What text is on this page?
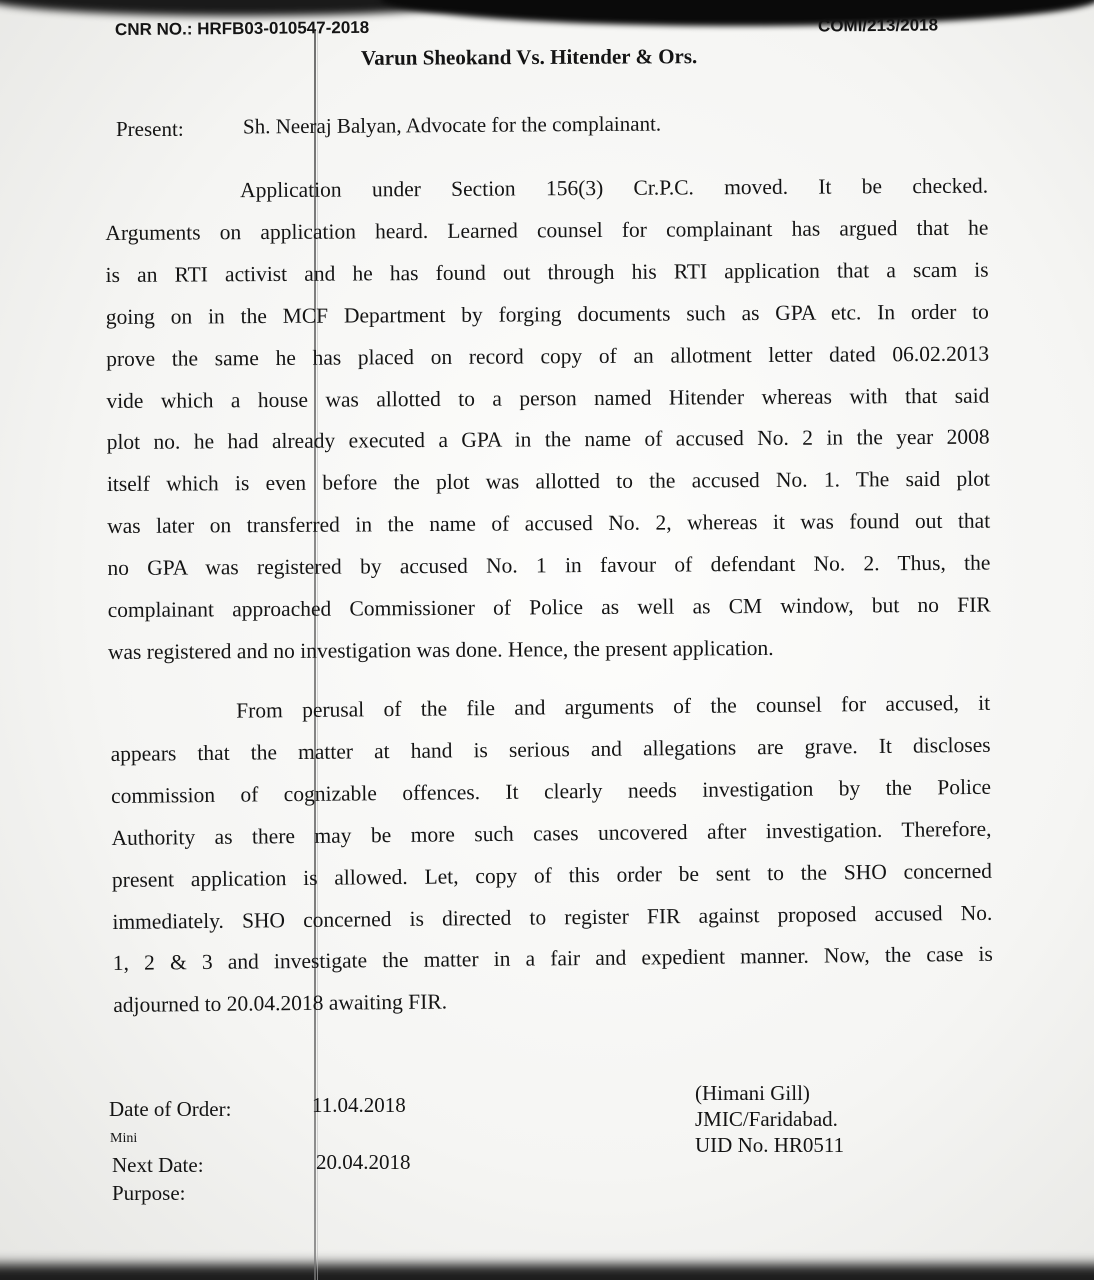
CNR NO.: HRFB03-010547-2018	COMI/213/2018
Varun Sheokand Vs. Hitender & Ors.
Present:	Sh. Neeraj Balyan, Advocate for the complainant.
Application under Section 156(3) Cr.P.C. moved. It be checked.
Arguments on application heard. Learned counsel for complainant has argued that he
is an RTI activist and he has found out through his RTI application that a scam is
going on in the MCF Department by forging documents such as GPA etc. In order to
prove the same he has placed on record copy of an allotment letter dated 06.02.2013
vide which a house was allotted to a person named Hitender whereas with that said
plot no. he had already executed a GPA in the name of accused No. 2 in the year 2008
itself which is even before the plot was allotted to the accused No. 1. The said plot
was later on transferred in the name of accused No. 2, whereas it was found out that
no GPA was registered by accused No. 1 in favour of defendant No. 2. Thus, the
complainant approached Commissioner of Police as well as CM window, but no FIR
was registered and no investigation was done. Hence, the present application.
From perusal of the file and arguments of the counsel for accused, it
appears that the matter at hand is serious and allegations are grave. It discloses
commission of cognizable offences. It clearly needs investigation by the Police
Authority as there may be more such cases uncovered after investigation. Therefore,
present application is allowed. Let, copy of this order be sent to the SHO concerned
immediately. SHO concerned is directed to register FIR against proposed accused No.
1, 2 & 3 and investigate the matter in a fair and expedient manner. Now, the case is
adjourned to 20.04.2018 awaiting FIR.
Date of Order:	11.04.2018
Mini
Next Date:	20.04.2018
Purpose:
(Himani Gill)
JMIC/Faridabad.
UID No. HR0511
